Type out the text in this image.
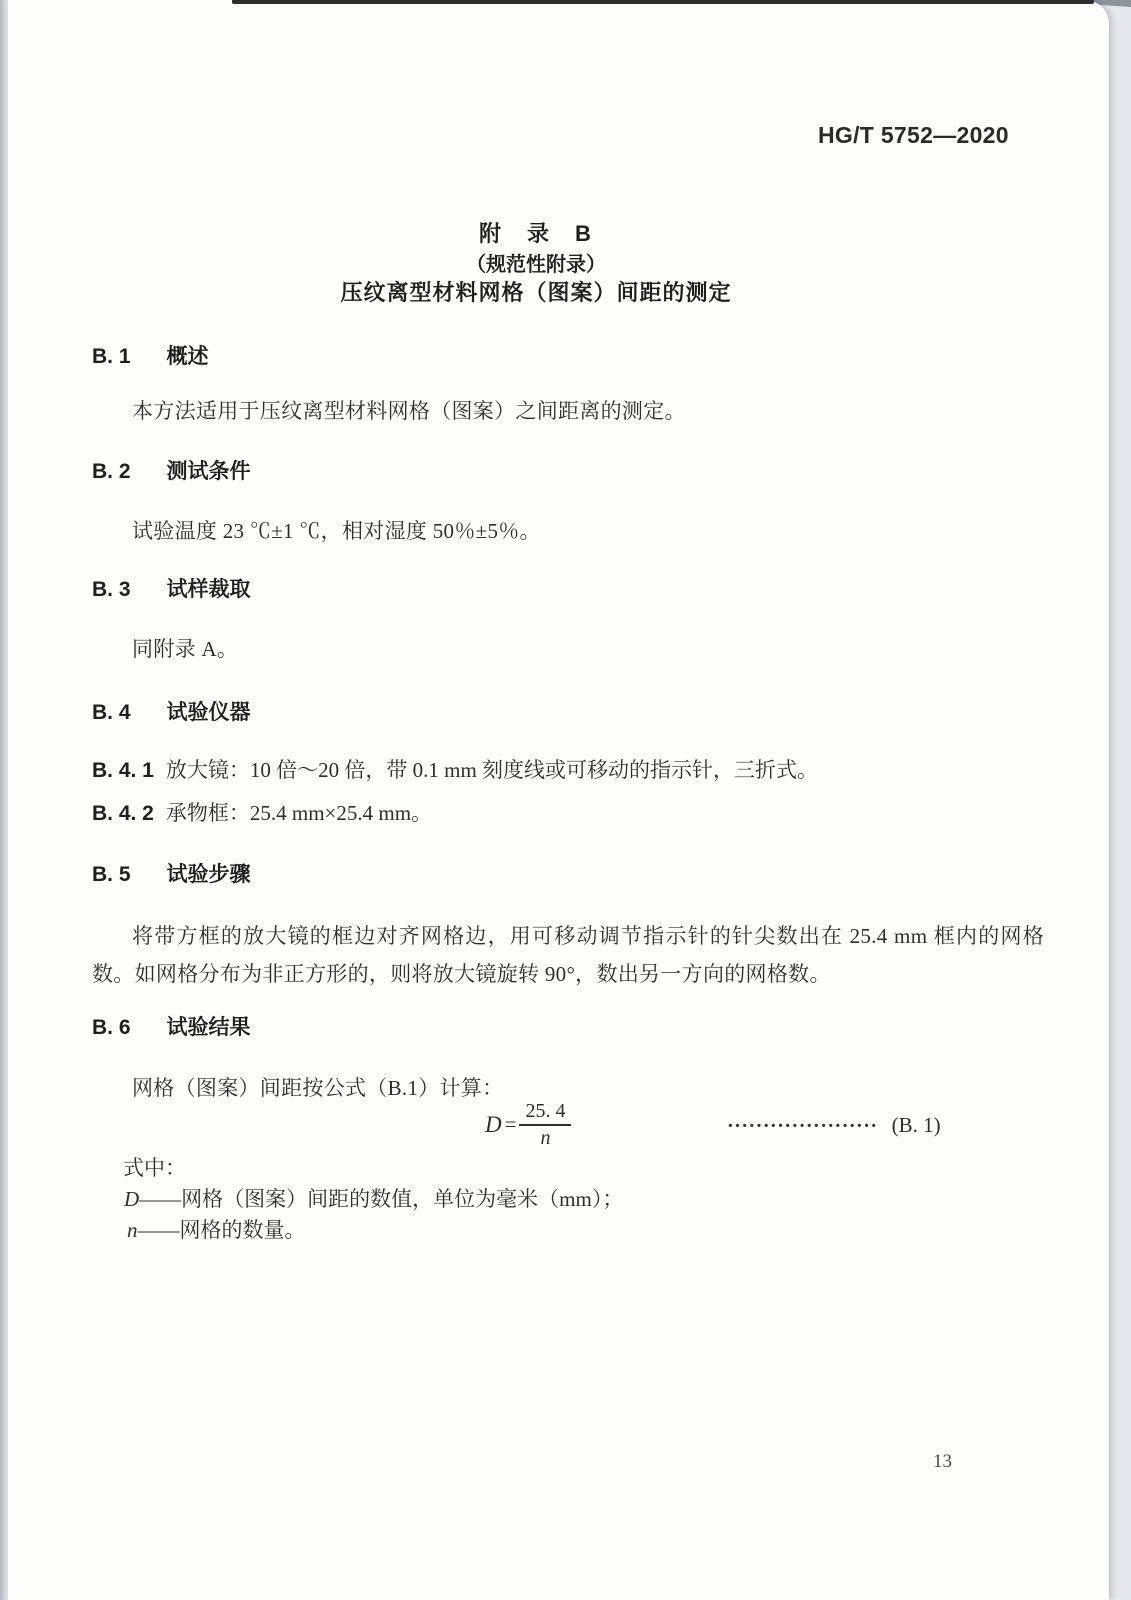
HG/T 5752—2020
附　录　B
（规范性附录）
压纹离型材料网格（图案）间距的测定
B. 1 概述
本方法适用于压纹离型材料网格（图案）之间距离的测定。
B. 2 测试条件
试验温度 23 ℃±1 ℃，相对湿度 50％±5％。
B. 3 试样裁取
同附录 A。
B. 4 试验仪器
B. 4. 1 放大镜：10 倍～20 倍，带 0.1 mm 刻度线或可移动的指示针，三折式。
B. 4. 2 承物框：25.4 mm×25.4 mm。
B. 5 试验步骤
将带方框的放大镜的框边对齐网格边，用可移动调节指示针的针尖数出在 25.4 mm 框内的网格数。如网格分布为非正方形的，则将放大镜旋转 90°，数出另一方向的网格数。
B. 6 试验结果
网格（图案）间距按公式（B.1）计算：
$D = \frac{25. 4}{n}$	····················· (B. 1)
式中：
D——网格（图案）间距的数值，单位为毫米（mm）；
n——网格的数量。
13
